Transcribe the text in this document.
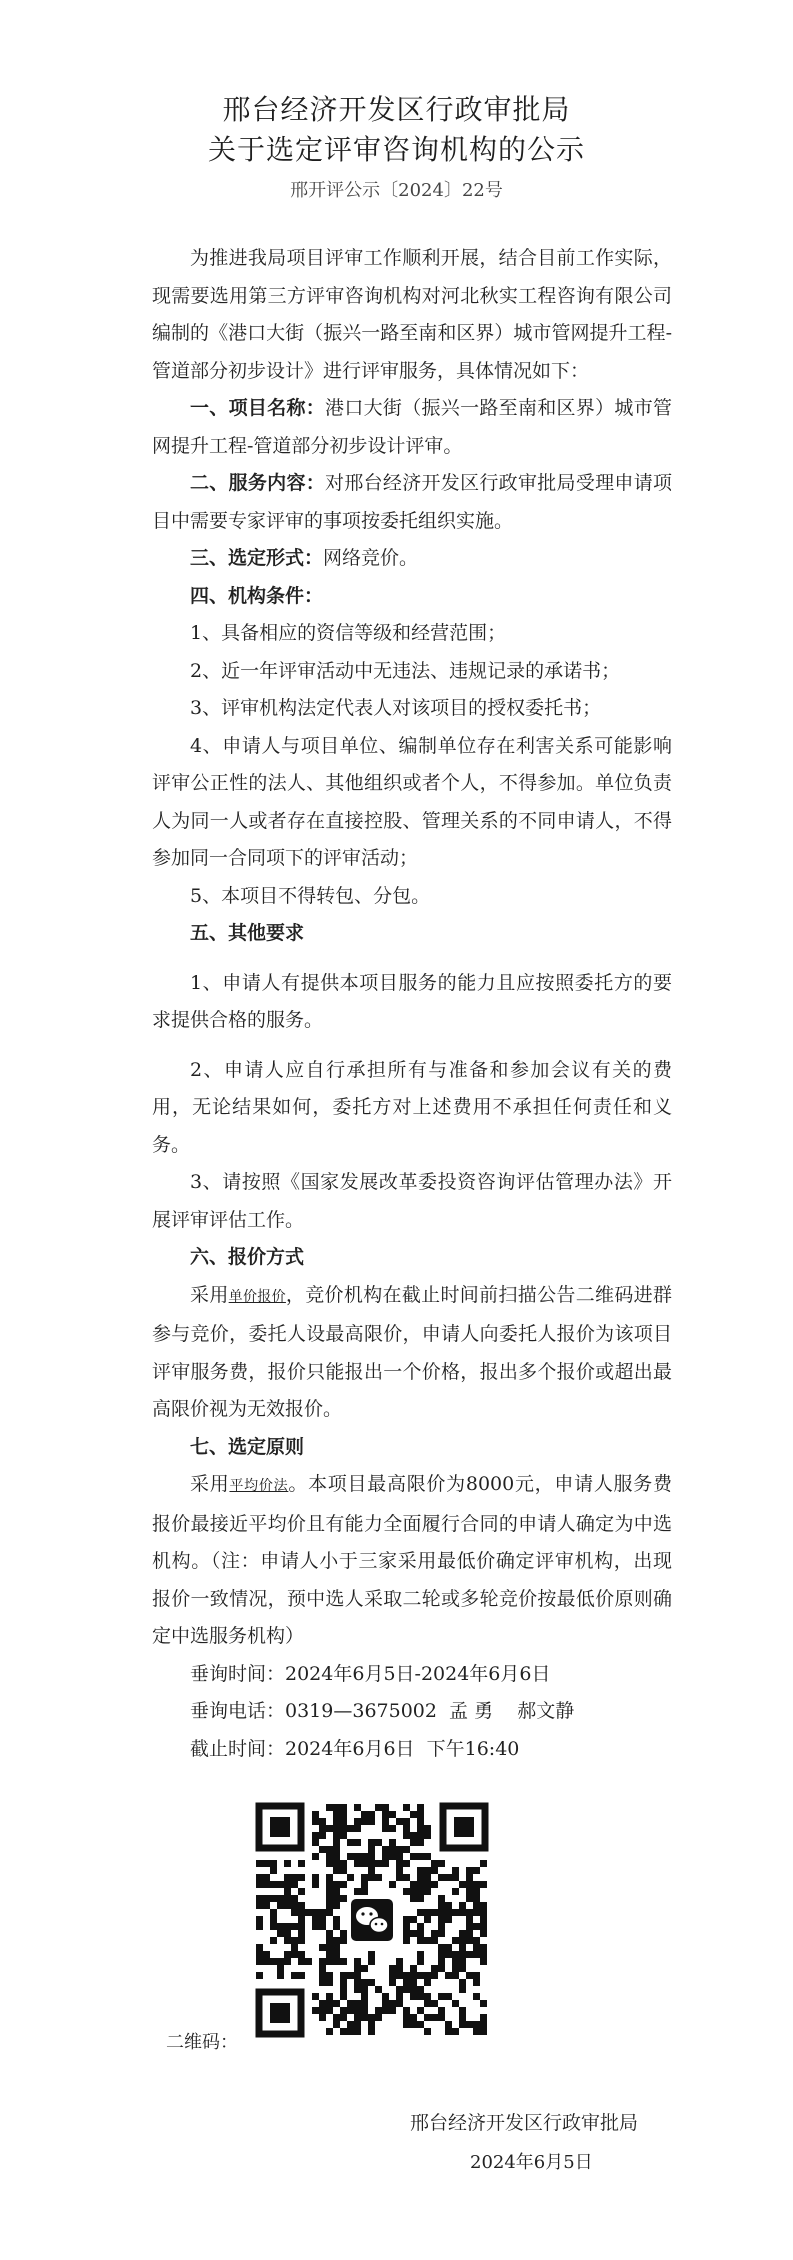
邢台经济开发区行政审批局
关于选定评审咨询机构的公示
邢开评公示〔2024〕22号

为推进我局项目评审工作顺利开展，结合目前工作实际，现需要选用第三方评审咨询机构对河北秋实工程咨询有限公司编制的《港口大街（振兴一路至南和区界）城市管网提升工程-管道部分初步设计》进行评审服务，具体情况如下：

一、项目名称：港口大街（振兴一路至南和区界）城市管网提升工程-管道部分初步设计评审。

二、服务内容：对邢台经济开发区行政审批局受理申请项目中需要专家评审的事项按委托组织实施。

三、选定形式：网络竞价。

四、机构条件：

1、具备相应的资信等级和经营范围；

2、近一年评审活动中无违法、违规记录的承诺书；

3、评审机构法定代表人对该项目的授权委托书；

4、申请人与项目单位、编制单位存在利害关系可能影响评审公正性的法人、其他组织或者个人，不得参加。单位负责人为同一人或者存在直接控股、管理关系的不同申请人，不得参加同一合同项下的评审活动；

5、本项目不得转包、分包。

五、其他要求

1、申请人有提供本项目服务的能力且应按照委托方的要求提供合格的服务。

2、申请人应自行承担所有与准备和参加会议有关的费用，无论结果如何，委托方对上述费用不承担任何责任和义务。

3、请按照《国家发展改革委投资咨询评估管理办法》开展评审评估工作。

六、报价方式

采用单价报价，竞价机构在截止时间前扫描公告二维码进群参与竞价，委托人设最高限价，申请人向委托人报价为该项目评审服务费，报价只能报出一个价格，报出多个报价或超出最高限价视为无效报价。

七、选定原则

采用平均价法。本项目最高限价为8000元，申请人服务费报价最接近平均价且有能力全面履行合同的申请人确定为中选机构。（注：申请人小于三家采用最低价确定评审机构，出现报价一致情况，预中选人采取二轮或多轮竞价按最低价原则确定中选服务机构）

垂询时间：2024年6月5日-2024年6月6日

垂询电话：0319—3675002  孟 勇    郝文静

截止时间：2024年6月6日  下午16:40

二维码：
邢台经济开发区行政审批局
2024年6月5日
